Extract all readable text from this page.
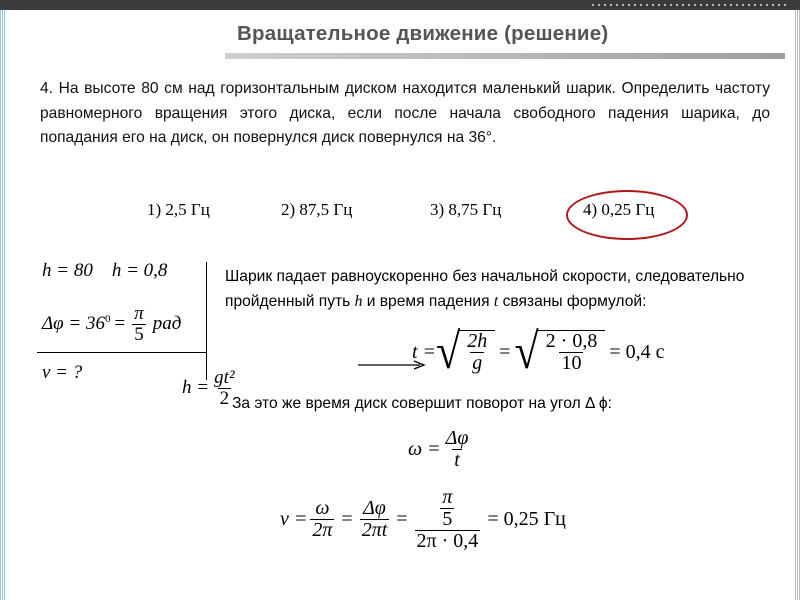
Вращательное движение (решение)
4. На высоте 80 см над горизонтальным диском находится маленький шарик. Определить частоту равномерного вращения этого диска, если после начала свободного падения шарика, до попадания его на диск, он повернулся диск повернулся на 36°.
1) 2,5 Гц	2) 87,5 Гц	3) 8,75 Гц	4) 0,25 Гц
h = 80 h = 0,8
$\Delta\varphi = 36^0 = \frac{\pi}{5}$ рад
ν = ?
Шарик падает равноускоренно без начальной скорости, следовательно пройденный путь h и время падения t связаны формулой:
t = √ $\frac{2h}{g}$ = √ $\frac{2 \cdot 0,8}{10} = 0,4$ с
$h = \frac{\text{gt²}}{2}$
За это же время диск совершит поворот на угол Δ ϕ:
$\omega = \frac{\Delta\varphi}{t}$
$\nu = \frac{\omega}{2\pi} = \frac{\Delta\varphi}{2\pi t} = \frac{\frac{\pi}{5}}{2\pi \cdot 0,4} = 0,25$ Гц
